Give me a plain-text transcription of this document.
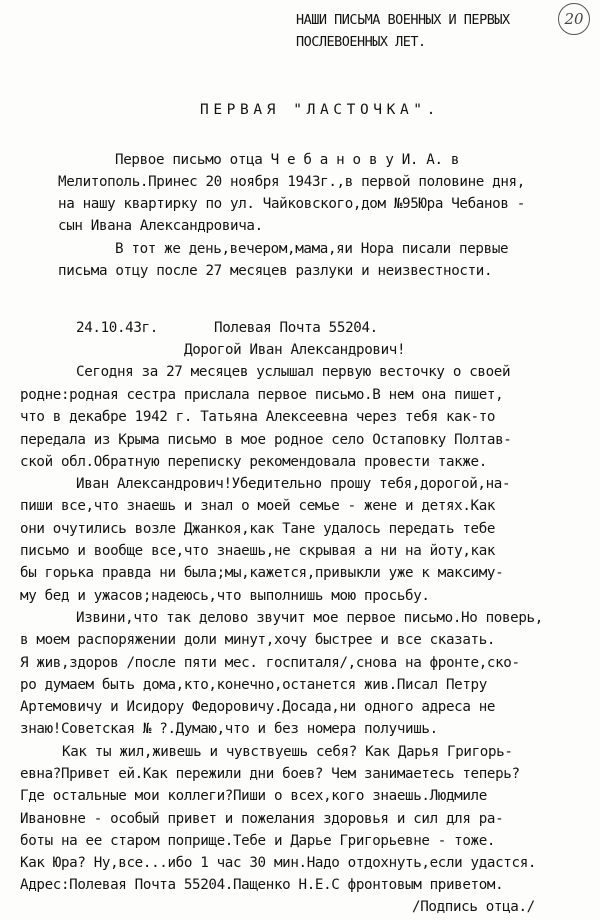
НАШИ ПИСЬМА ВОЕННЫХ И ПЕРВЫХ
ПОСЛЕВОЕННЫХ ЛЕТ.
20
ПЕРВАЯ "ЛАСТОЧКА".
Первое письмо отца Ч е б а н о в у И. А. в
Мелитополь.Принес 20 ноября 1943г.,в первой половине дня,
на нашу квартирку по ул. Чайковского,дом №95Юра Чебанов -
сын Ивана Александровича.
В тот же день,вечером,мама,яи Нора писали первые
письма отцу после 27 месяцев разлуки и неизвестности.
24.10.43г.	Полевая Почта 55204.
Дорогой Иван Александрович!
Сегодня за 27 месяцев услышал первую весточку о своей
родне:родная сестра прислала первое письмо.В нем она пишет,
что в декабре 1942 г. Татьяна Алексеевна через тебя как-то
передала из Крыма письмо в мое родное село Остаповку Полтав-
ской обл.Обратную переписку рекомендовала провести также.
Иван Александрович!Убедительно прошу тебя,дорогой,на-
пиши все,что знаешь и знал о моей семье - жене и детях.Как
они очутились возле Джанкоя,как Тане удалось передать тебе
письмо и вообще все,что знаешь,не скрывая а ни на йоту,как
бы горька правда ни была;мы,кажется,привыкли уже к максиму-
му бед и ужасов;надеюсь,что выполнишь мою просьбу.
Извини,что так делово звучит мое первое письмо.Но поверь,
в моем распоряжении доли минут,хочу быстрее и все сказать.
Я жив,здоров /после пяти мес. госпиталя/,снова на фронте,ско-
ро думаем быть дома,кто,конечно,останется жив.Писал Петру
Артемовичу и Исидору Федоровичу.Досада,ни одного адреса не
знаю!Советская № ?.Думаю,что и без номера получишь.
Как ты жил,живешь и чувствуешь себя? Как Дарья Григорь-
евна?Привет ей.Как пережили дни боев? Чем занимаетесь теперь?
Где остальные мои коллеги?Пиши о всех,кого знаешь.Людмиле
Ивановне - особый привет и пожелания здоровья и сил для ра-
боты на ее старом поприще.Тебе и Дарье Григорьевне - тоже.
Как Юра? Ну,все...ибо 1 час 30 мин.Надо отдохнуть,если удастся.
Адрес:Полевая Почта 55204.Пащенко Н.Е.С фронтовым приветом.
/Подпись отца./
